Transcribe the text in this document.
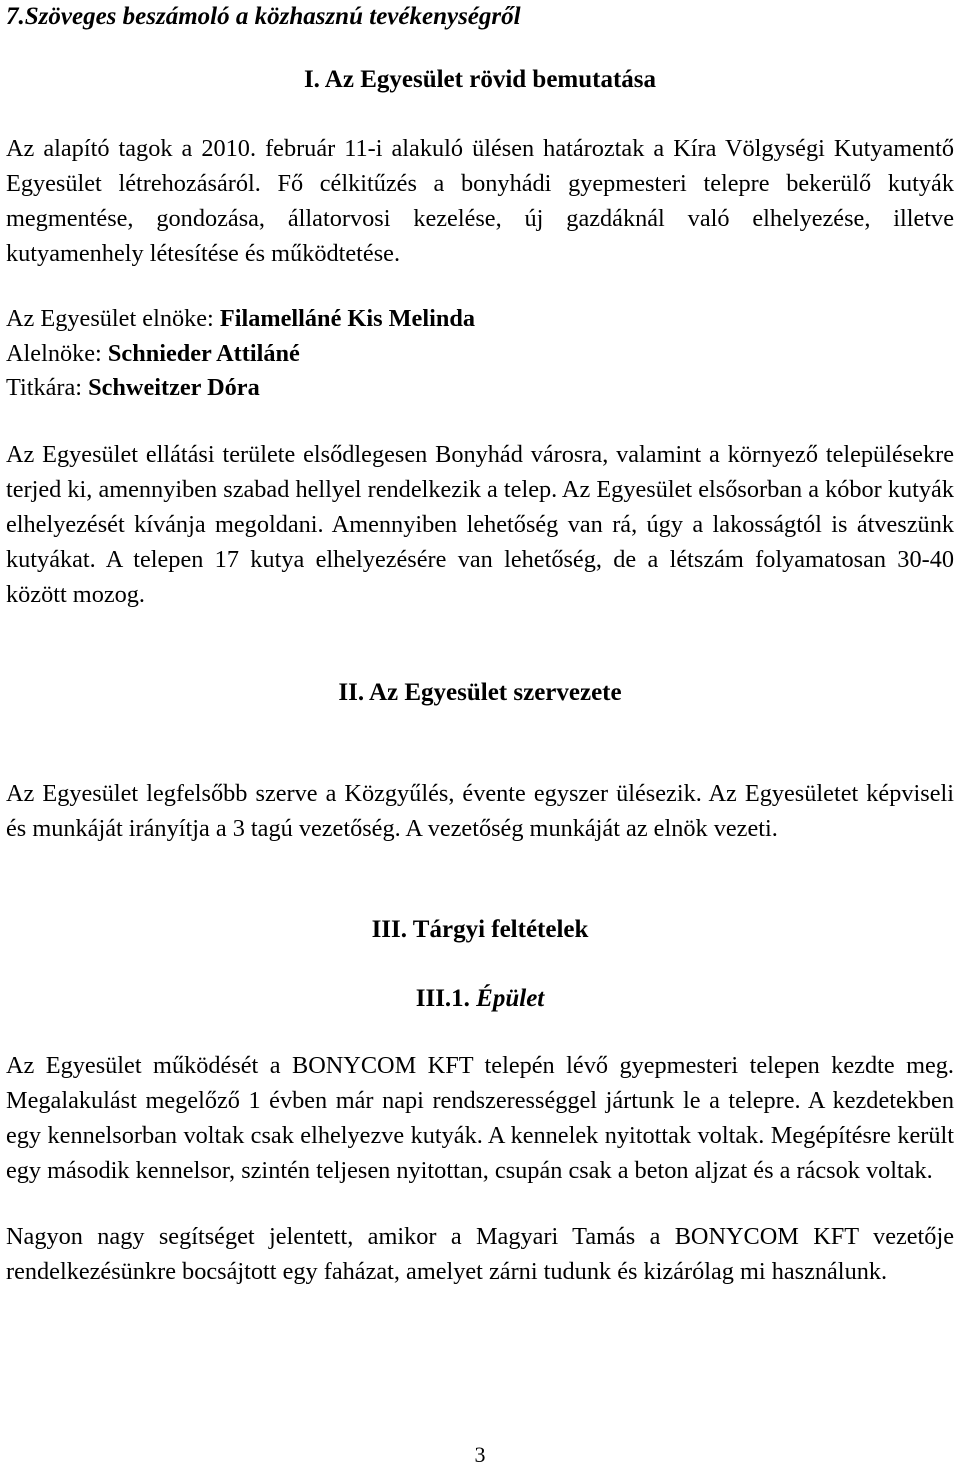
7.Szöveges beszámoló a közhasznú tevékenységről
I. Az Egyesület rövid bemutatása

Az alapító tagok a 2010. február 11-i alakuló ülésen határoztak a Kíra Völgységi Kutyamentő Egyesület létrehozásáról. Fő célkitűzés a bonyhádi gyepmesteri telepre bekerülő kutyák megmentése, gondozása, állatorvosi kezelése, új gazdáknál való elhelyezése, illetve kutyamenhely létesítése és működtetése.

Az Egyesület elnöke: Filamelláné Kis Melinda
Alelnöke: Schnieder Attiláné
Titkára: Schweitzer Dóra

Az Egyesület ellátási területe elsődlegesen Bonyhád városra, valamint a környező településekre terjed ki, amennyiben szabad hellyel rendelkezik a telep. Az Egyesület elsősorban a kóbor kutyák elhelyezését kívánja megoldani. Amennyiben lehetőség van rá, úgy a lakosságtól is átveszünk kutyákat. A telepen 17 kutya elhelyezésére van lehetőség, de a létszám folyamatosan 30-40 között mozog.

II. Az Egyesület szervezete

Az Egyesület legfelsőbb szerve a Közgyűlés, évente egyszer ülésezik. Az Egyesületet képviseli és munkáját irányítja a 3 tagú vezetőség. A vezetőség munkáját az elnök vezeti.

III. Tárgyi feltételek
III.1. Épület

Az Egyesület működését a BONYCOM KFT telepén lévő gyepmesteri telepen kezdte meg. Megalakulást megelőző 1 évben már napi rendszerességgel jártunk le a telepre. A kezdetekben egy kennelsorban voltak csak elhelyezve kutyák. A kennelek nyitottak voltak. Megépítésre került egy második kennelsor, szintén teljesen nyitottan, csupán csak a beton aljzat és a rácsok voltak.

Nagyon nagy segítséget jelentett, amikor a Magyari Tamás a BONYCOM KFT vezetője rendelkezésünkre bocsájtott egy faházat, amelyet zárni tudunk és kizárólag mi használunk.

3
